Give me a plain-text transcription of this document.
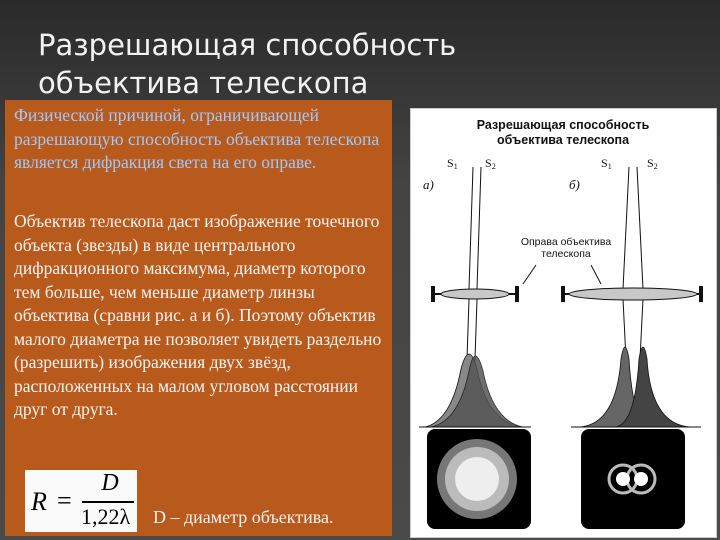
Разрешающая способность
объектива телескопа

Физической причиной, ограничивающей разрешающую способность объектива телескопа является дифракция света на его оправе.

Объектив телескопа даст изображение точечного объекта (звезды) в виде центрального дифракционного максимума, диаметр которого тем больше, чем меньше диаметр линзы объектива (сравни рис. а и б). Поэтому объектив малого диаметра не позволяет увидеть раздельно (разрешить) изображения двух звёзд, расположенных на малом угловом расстоянии друг от друга.

R =
D
1,22λ D – диаметр объектива.
Разрешающая способность
объектива телескопа
S1 S2	S1	S2
а)	б)
Оправа объектива
телескопа
